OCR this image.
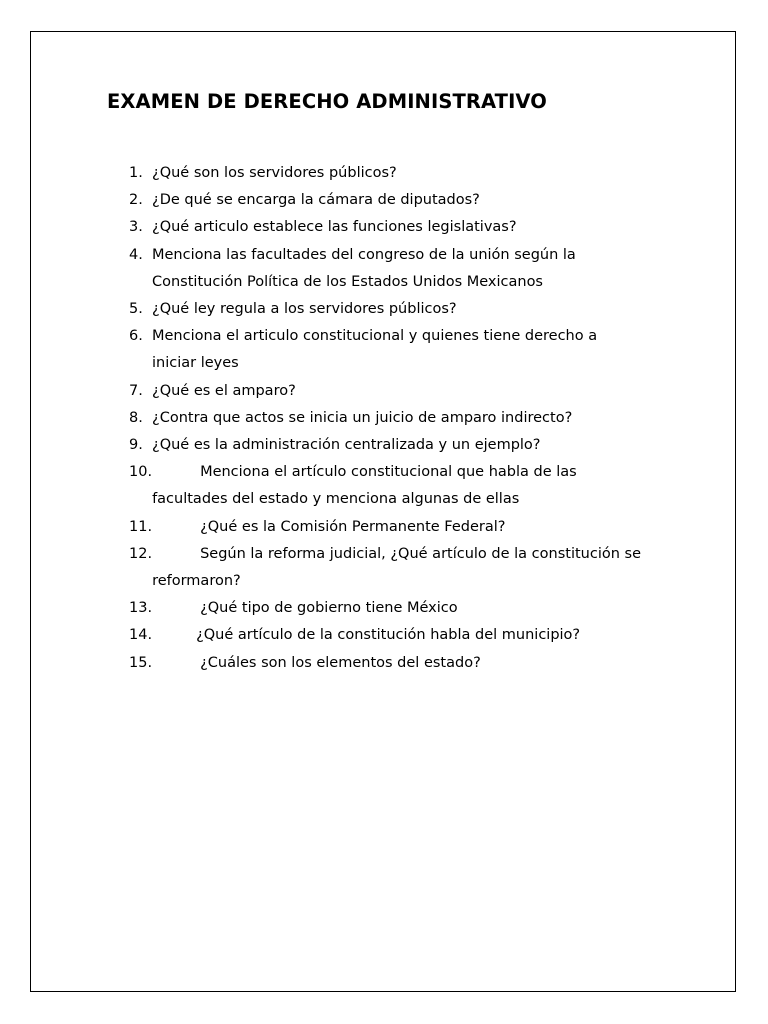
EXAMEN DE DERECHO ADMINISTRATIVO
1. ¿Qué son los servidores públicos?
2. ¿De qué se encarga la cámara de diputados?
3. ¿Qué articulo establece las funciones legislativas?
4. Menciona las facultades del congreso de la unión según la
Constitución Política de los Estados Unidos Mexicanos
5. ¿Qué ley regula a los servidores públicos?
6. Menciona el articulo constitucional y quienes tiene derecho a
iniciar leyes
7. ¿Qué es el amparo?
8. ¿Contra que actos se inicia un juicio de amparo indirecto?
9. ¿Qué es la administración centralizada y un ejemplo?
10.	Menciona el artículo constitucional que habla de las
facultades del estado y menciona algunas de ellas
11.	¿Qué es la Comisión Permanente Federal?
12.	Según la reforma judicial, ¿Qué artículo de la constitución se
reformaron?
13.	¿Qué tipo de gobierno tiene México
14.	¿Qué artículo de la constitución habla del municipio?
15.	¿Cuáles son los elementos del estado?
